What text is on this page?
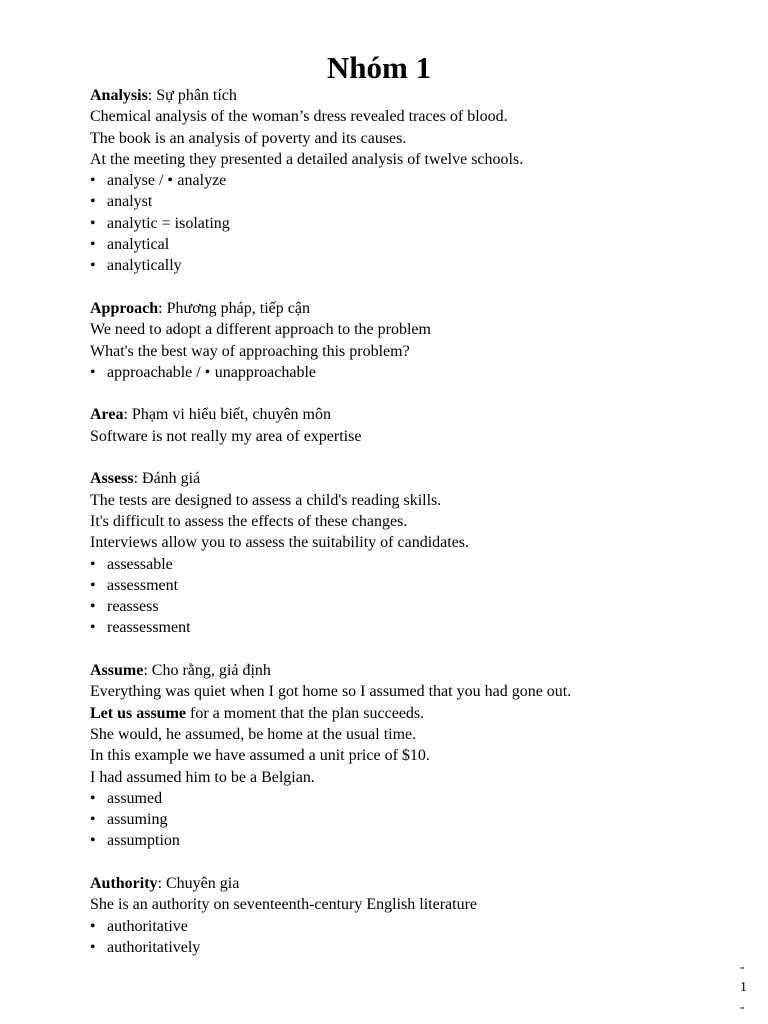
Nhóm 1
Analysis: Sự phân tích
Chemical analysis of the woman’s dress revealed traces of blood.
The book is an analysis of poverty and its causes.
At the meeting they presented a detailed analysis of twelve schools.
• analyse / • analyze
• analyst
• analytic = isolating
• analytical
• analytically
Approach: Phương pháp, tiếp cận
We need to adopt a different approach to the problem
What's the best way of approaching this problem?
• approachable / • unapproachable
Area: Phạm vi hiểu biết, chuyên môn
Software is not really my area of expertise
Assess: Đánh giá
The tests are designed to assess a child's reading skills.
It's difficult to assess the effects of these changes.
Interviews allow you to assess the suitability of candidates.
• assessable
• assessment
• reassess
• reassessment
Assume: Cho rằng, giả định
Everything was quiet when I got home so I assumed that you had gone out.
Let us assume for a moment that the plan succeeds.
She would, he assumed, be home at the usual time.
In this example we have assumed a unit price of $10.
I had assumed him to be a Belgian.
• assumed
• assuming
• assumption
Authority: Chuyên gia
She is an authority on seventeenth-century English literature
• authoritative
• authoritatively
- 1 -
